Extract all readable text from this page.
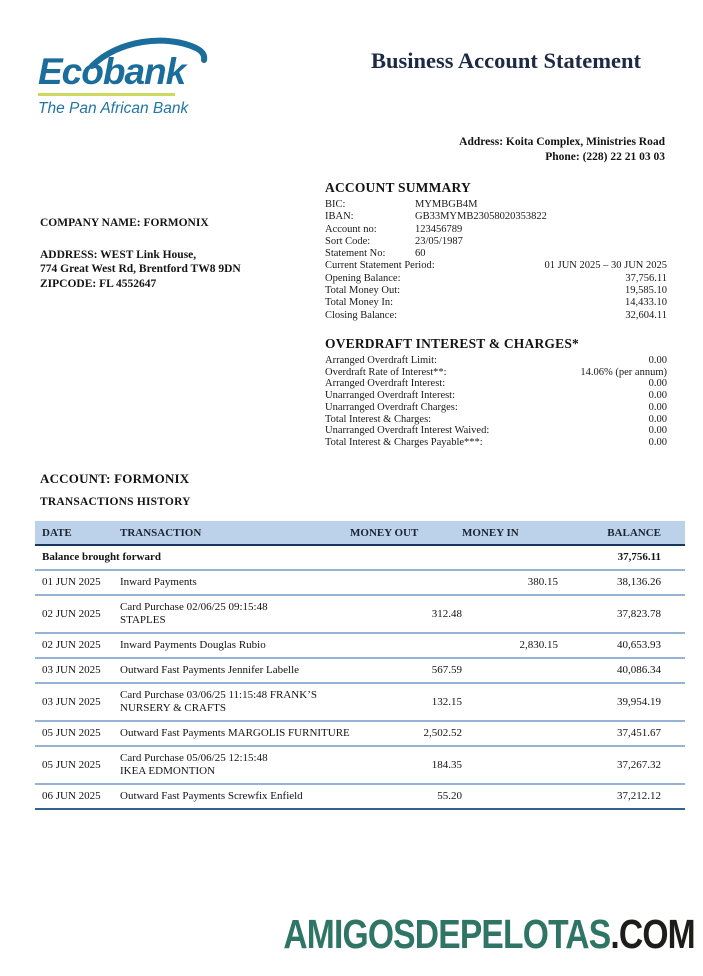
Ecobank
The Pan African Bank
Business Account Statement
Address: Koita Complex, Ministries Road
Phone: (228) 22 21 03 03
COMPANY NAME: FORMONIX
ADDRESS: WEST Link House,
774 Great West Rd, Brentford TW8 9DN
ZIPCODE: FL 4552647
ACCOUNT SUMMARY
BIC:	MYMBGB4M
IBAN:	GB33MYMB23058020353822
Account no:	123456789
Sort Code:	23/05/1987
Statement No:	60
Current Statement Period:	01 JUN 2025 – 30 JUN 2025
Opening Balance:	37,756.11
Total Money Out:	19,585.10
Total Money In:	14,433.10
Closing Balance:	32,604.11
OVERDRAFT INTEREST & CHARGES*
Arranged Overdraft Limit:	0.00
Overdraft Rate of Interest**:	14.06% (per annum)
Arranged Overdraft Interest:	0.00
Unarranged Overdraft Interest:	0.00
Unarranged Overdraft Charges:	0.00
Total Interest & Charges:	0.00
Unarranged Overdraft Interest Waived:	0.00
Total Interest & Charges Payable***:	0.00
ACCOUNT: FORMONIX
TRANSACTIONS HISTORY
DATE	TRANSACTION	MONEY OUT	MONEY IN	BALANCE
Balance brought forward				37,756.11
01 JUN 2025	Inward Payments		380.15	38,136.26
02 JUN 2025	Card Purchase 02/06/25 09:15:48
STAPLES	312.48		37,823.78
02 JUN 2025	Inward Payments Douglas Rubio		2,830.15	40,653.93
03 JUN 2025	Outward Fast Payments Jennifer Labelle	567.59		40,086.34
03 JUN 2025	Card Purchase 03/06/25 11:15:48 FRANK’S
NURSERY & CRAFTS	132.15		39,954.19
05 JUN 2025	Outward Fast Payments MARGOLIS FURNITURE	2,502.52		37,451.67
05 JUN 2025	Card Purchase 05/06/25 12:15:48
IKEA EDMONTION	184.35		37,267.32
06 JUN 2025	Outward Fast Payments Screwfix Enfield	55.20		37,212.12
AMIGOSDEPELOTAS.COM
